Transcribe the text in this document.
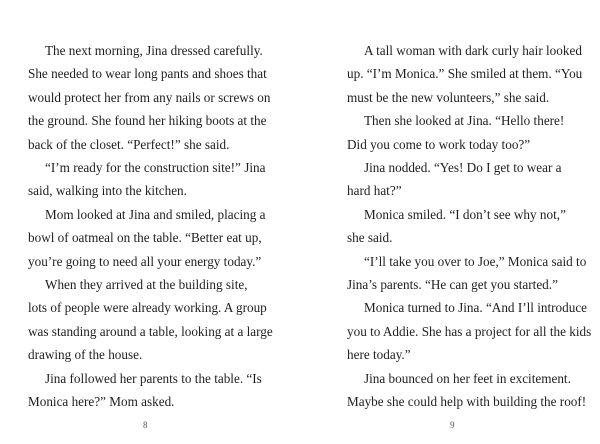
The next morning, Jina dressed carefully.
She needed to wear long pants and shoes that
would protect her from any nails or screws on
the ground. She found her hiking boots at the
back of the closet. “Perfect!” she said.
“I’m ready for the construction site!” Jina
said, walking into the kitchen.
Mom looked at Jina and smiled, placing a
bowl of oatmeal on the table. “Better eat up,
you’re going to need all your energy today.”
When they arrived at the building site,
lots of people were already working. A group
was standing around a table, looking at a large
drawing of the house.
Jina followed her parents to the table. “Is
Monica here?” Mom asked.
A tall woman with dark curly hair looked
up. “I’m Monica.” She smiled at them. “You
must be the new volunteers,” she said.
Then she looked at Jina. “Hello there!
Did you come to work today too?”
Jina nodded. “Yes! Do I get to wear a
hard hat?”
Monica smiled. “I don’t see why not,”
she said.
“I’ll take you over to Joe,” Monica said to
Jina’s parents. “He can get you started.”
Monica turned to Jina. “And I’ll introduce
you to Addie. She has a project for all the kids
here today.”
Jina bounced on her feet in excitement.
Maybe she could help with building the roof!
8	9
